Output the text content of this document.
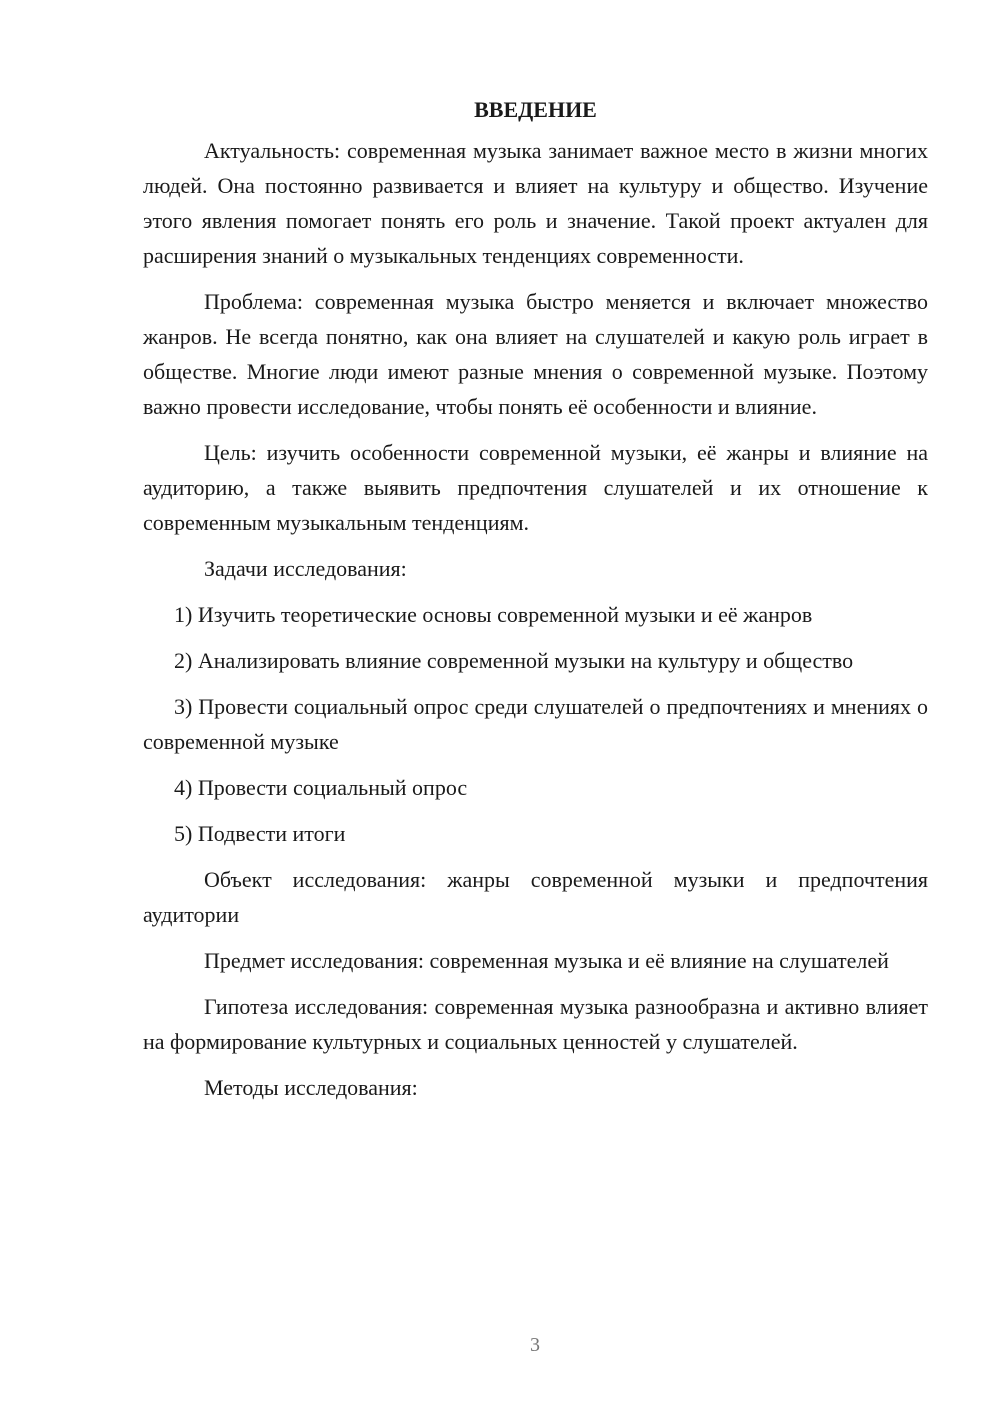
ВВЕДЕНИЕ

Актуальность: современная музыка занимает важное место в жизни многих людей. Она постоянно развивается и влияет на культуру и общество. Изучение этого явления помогает понять его роль и значение. Такой проект актуален для расширения знаний о музыкальных тенденциях современности.

Проблема: современная музыка быстро меняется и включает множество жанров. Не всегда понятно, как она влияет на слушателей и какую роль играет в обществе. Многие люди имеют разные мнения о современной музыке. Поэтому важно провести исследование, чтобы понять её особенности и влияние.

Цель: изучить особенности современной музыки, её жанры и влияние на аудиторию, а также выявить предпочтения слушателей и их отношение к современным музыкальным тенденциям.

Задачи исследования:

1) Изучить теоретические основы современной музыки и её жанров

2) Анализировать влияние современной музыки на культуру и общество

3) Провести социальный опрос среди слушателей о предпочтениях и мнениях о современной музыке

4) Провести социальный опрос

5) Подвести итоги

Объект исследования: жанры современной музыки и предпочтения аудитории

Предмет исследования: современная музыка и её влияние на слушателей

Гипотеза исследования: современная музыка разнообразна и активно влияет на формирование культурных и социальных ценностей у слушателей.

Методы исследования:

3
